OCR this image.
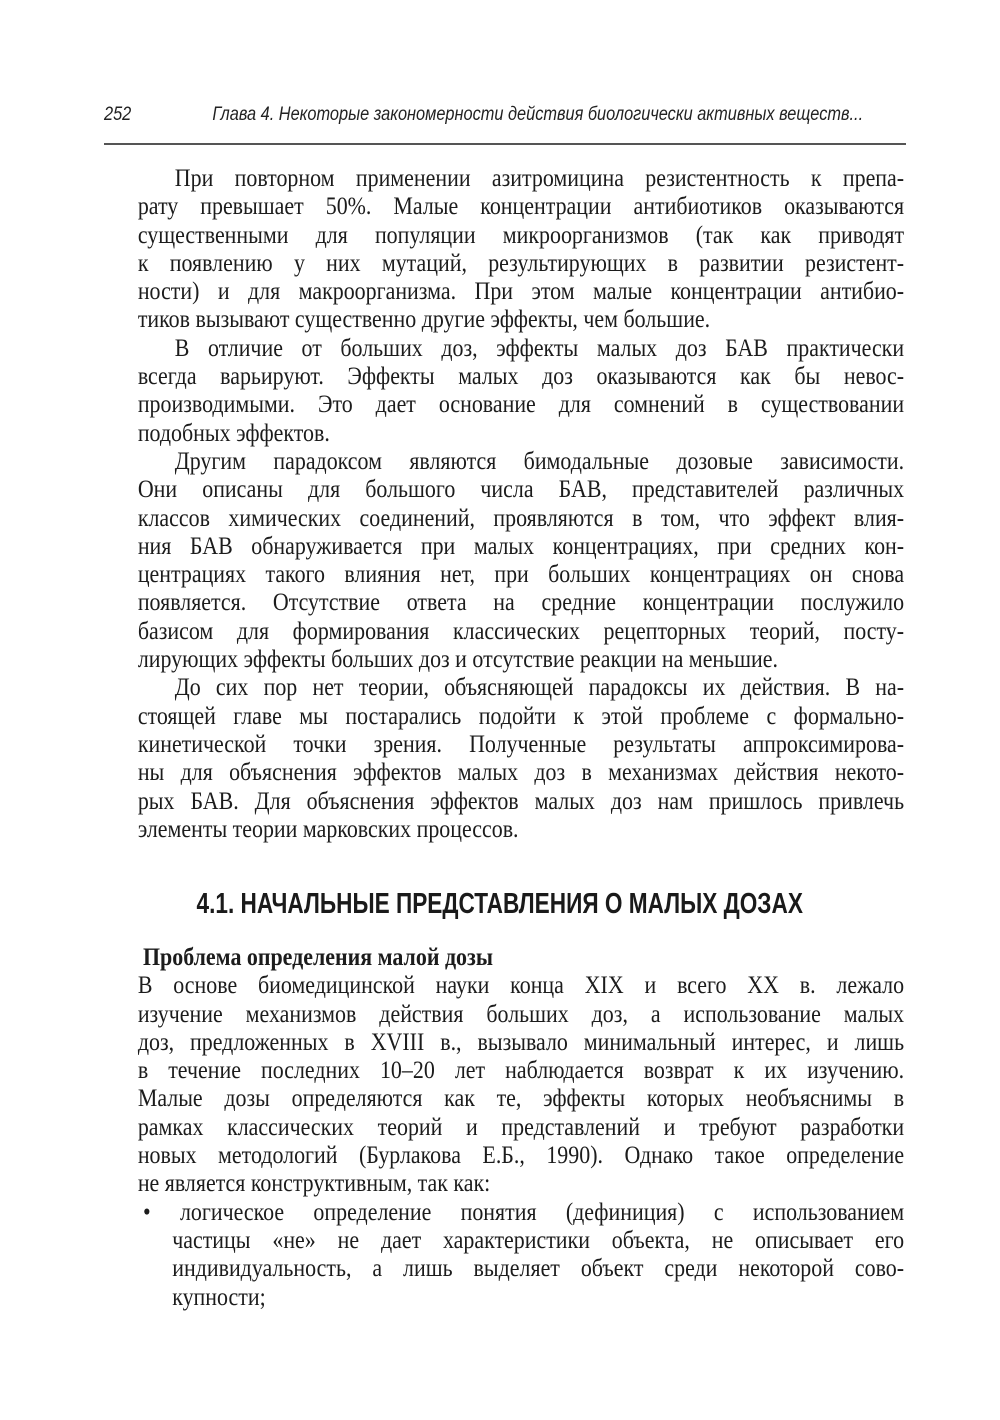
252	Глава 4. Некоторые закономерности действия биологически активных веществ...
При повторном применении азитромицина резистентность к препа-
рату превышает 50%. Малые концентрации антибиотиков оказываются
существенными для популяции микроорганизмов (так как приводят
к появлению у них мутаций, результирующих в развитии резистент-
ности) и для макроорганизма. При этом малые концентрации антибио-
тиков вызывают существенно другие эффекты, чем большие.
В отличие от больших доз, эффекты малых доз БАВ практически
всегда варьируют. Эффекты малых доз оказываются как бы невос-
производимыми. Это дает основание для сомнений в существовании
подобных эффектов.
Другим парадоксом являются бимодальные дозовые зависимости.
Они описаны для большого числа БАВ, представителей различных
классов химических соединений, проявляются в том, что эффект влия-
ния БАВ обнаруживается при малых концентрациях, при средних кон-
центрациях такого влияния нет, при больших концентрациях он снова
появляется. Отсутствие ответа на средние концентрации послужило
базисом для формирования классических рецепторных теорий, посту-
лирующих эффекты больших доз и отсутствие реакции на меньшие.
До сих пор нет теории, объясняющей парадоксы их действия. В на-
стоящей главе мы постарались подойти к этой проблеме с формально-
кинетической точки зрения. Полученные результаты аппроксимирова-
ны для объяснения эффектов малых доз в механизмах действия некото-
рых БАВ. Для объяснения эффектов малых доз нам пришлось привлечь
элементы теории марковских процессов.
4.1. НАЧАЛЬНЫЕ ПРЕДСТАВЛЕНИЯ О МАЛЫХ ДОЗАХ
Проблема определения малой дозы
В основе биомедицинской науки конца XIX и всего XX в. лежало
изучение механизмов действия больших доз, а использование малых
доз, предложенных в XVIII в., вызывало минимальный интерес, и лишь
в течение последних 10–20 лет наблюдается возврат к их изучению.
Малые дозы определяются как те, эффекты которых необъяснимы в
рамках классических теорий и представлений и требуют разработки
новых методологий (Бурлакова Е.Б., 1990). Однако такое определение
не является конструктивным, так как:
• логическое определение понятия (дефиниция) с использованием
частицы «не» не дает характеристики объекта, не описывает его
индивидуальность, а лишь выделяет объект среди некоторой сово-
купности;
